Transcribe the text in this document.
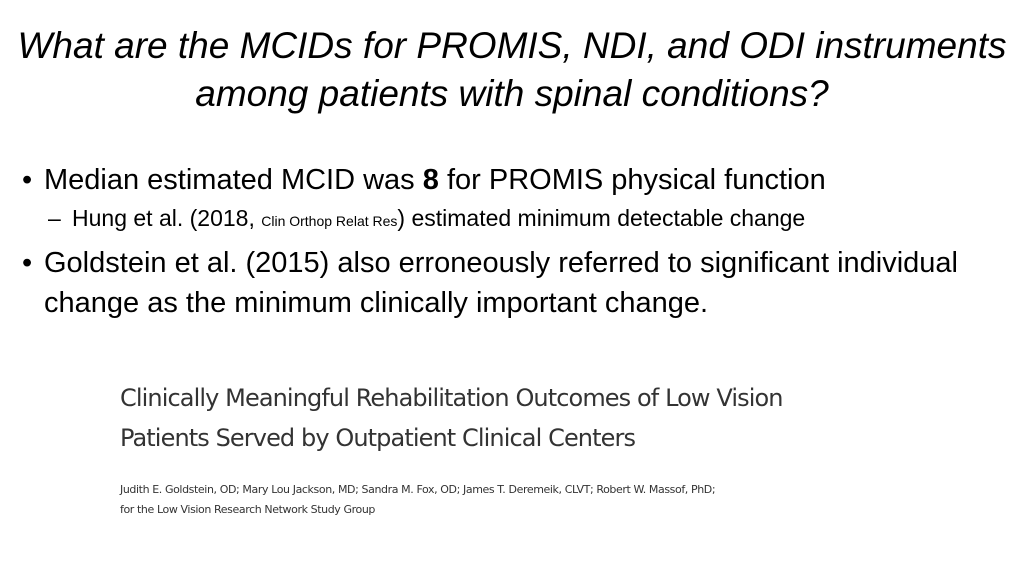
What are the MCIDs for PROMIS, NDI, and ODI instruments among patients with spinal conditions?
• Median estimated MCID was 8 for PROMIS physical function
– Hung et al. (2018, Clin Orthop Relat Res) estimated minimum detectable change
• Goldstein et al. (2015) also erroneously referred to significant individual change as the minimum clinically important change.
Clinically Meaningful Rehabilitation Outcomes of Low Vision
Patients Served by Outpatient Clinical Centers
Judith E. Goldstein, OD; Mary Lou Jackson, MD; Sandra M. Fox, OD; James T. Deremeik, CLVT; Robert W. Massof, PhD;
for the Low Vision Research Network Study Group
